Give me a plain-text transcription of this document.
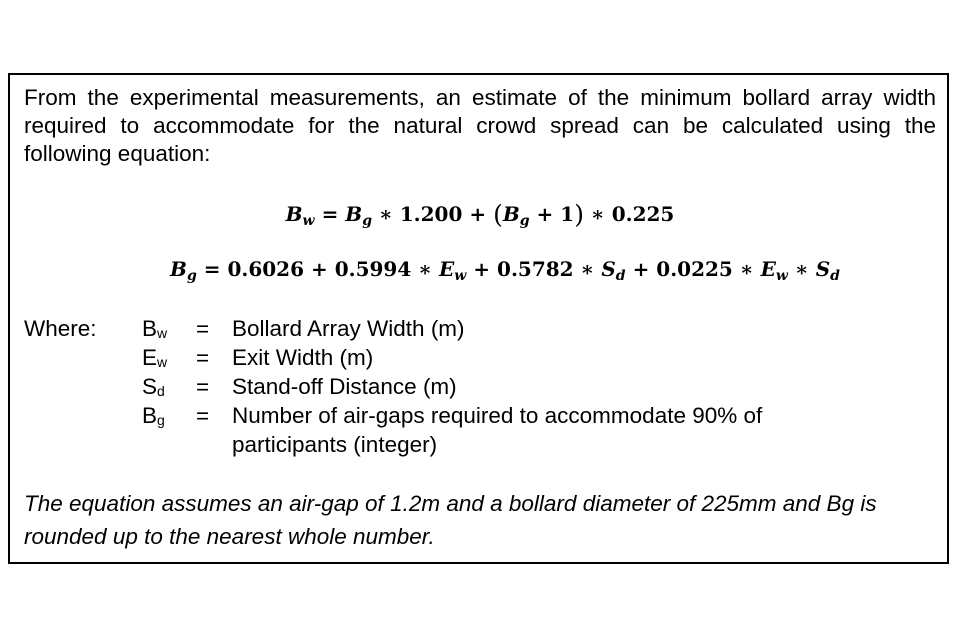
From the experimental measurements, an estimate of the minimum bollard array width required to accommodate for the natural crowd spread can be calculated using the following equation:

$B_w = B_g$ ∗ $1.200 + (B_g + 1)$ ∗ 0.225
$B_g = 0.6026 + 0.5994$ ∗ $E_w + 0.5782$ ∗ $S_d + 0.0225$ ∗ $E_w$ ∗ $S_d$
Where: $B_w$ = Bollard Array Width (m)
$E_w$ = Exit Width (m)
$S_d = Stand-off$ Distance (m)
$B_g$ = Number of air-gaps required to accommodate 90% of participants (integer)

The equation assumes an air-gap of 1.2m and a bollard diameter of 225mm and Bg is rounded up to the nearest whole number.
